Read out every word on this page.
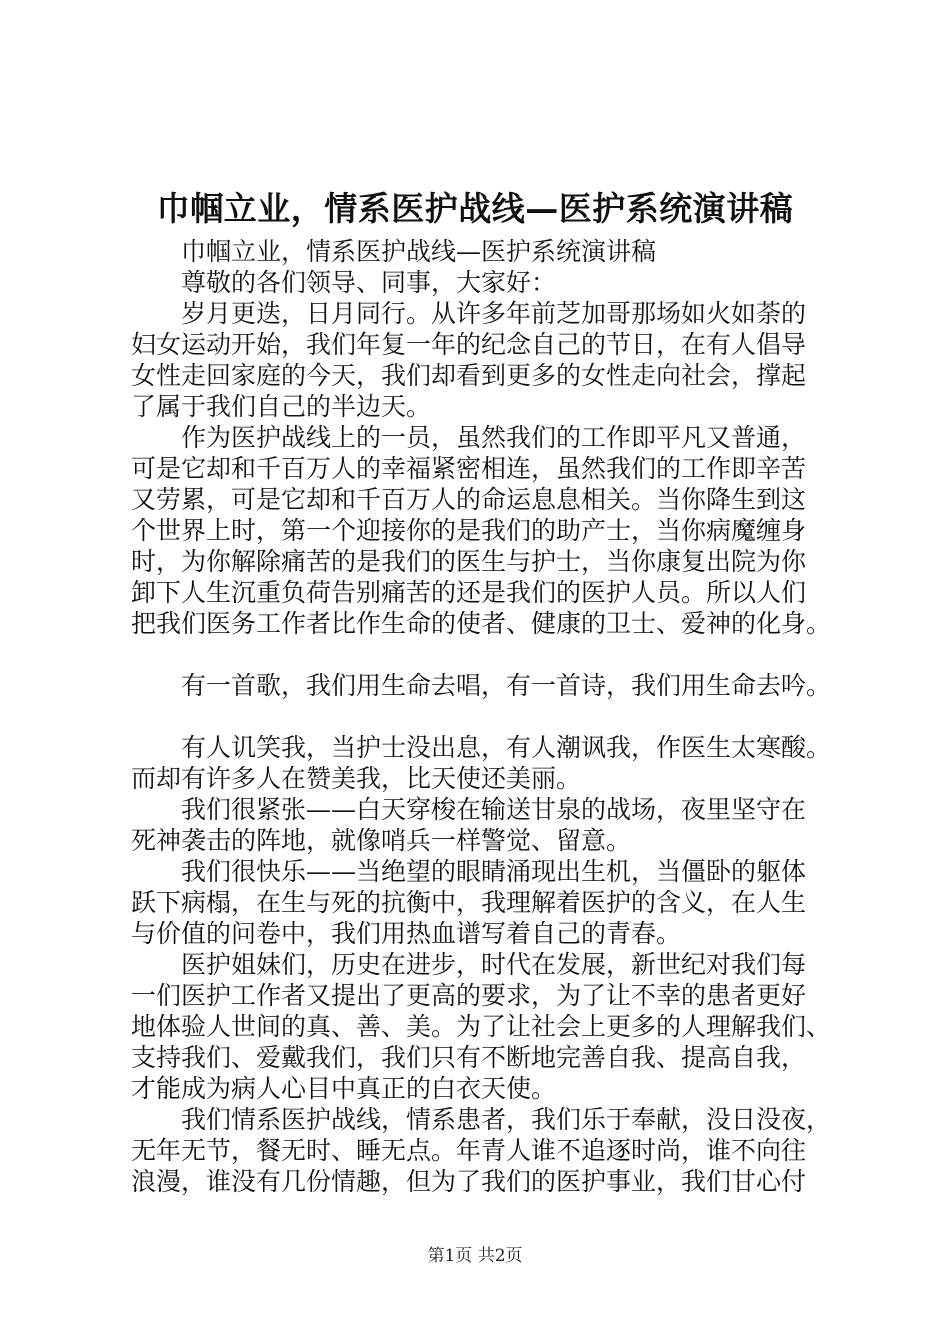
巾帼立业，情系医护战线—医护系统演讲稿
巾帼立业，情系医护战线—医护系统演讲稿
尊敬的各们领导、同事，大家好：
岁月更迭，日月同行。从许多年前芝加哥那场如火如荼的
妇女运动开始，我们年复一年的纪念自己的节日，在有人倡导
女性走回家庭的今天，我们却看到更多的女性走向社会，撑起
了属于我们自己的半边天。
作为医护战线上的一员，虽然我们的工作即平凡又普通，
可是它却和千百万人的幸福紧密相连，虽然我们的工作即辛苦
又劳累，可是它却和千百万人的命运息息相关。当你降生到这
个世界上时，第一个迎接你的是我们的助产士，当你病魔缠身
时，为你解除痛苦的是我们的医生与护士，当你康复出院为你
卸下人生沉重负荷告别痛苦的还是我们的医护人员。所以人们
把我们医务工作者比作生命的使者、健康的卫士、爱神的化身。
有一首歌，我们用生命去唱，有一首诗，我们用生命去吟。
有人讥笑我，当护士没出息，有人潮讽我，作医生太寒酸。
而却有许多人在赞美我，比天使还美丽。
我们很紧张——白天穿梭在输送甘泉的战场，夜里坚守在
死神袭击的阵地，就像哨兵一样警觉、留意。
我们很快乐——当绝望的眼睛涌现出生机，当僵卧的躯体
跃下病榻，在生与死的抗衡中，我理解着医护的含义，在人生
与价值的问卷中，我们用热血谱写着自己的青春。
医护姐妹们，历史在进步，时代在发展，新世纪对我们每
一们医护工作者又提出了更高的要求，为了让不幸的患者更好
地体验人世间的真、善、美。为了让社会上更多的人理解我们、
支持我们、爱戴我们，我们只有不断地完善自我、提高自我，
才能成为病人心目中真正的白衣天使。
我们情系医护战线，情系患者，我们乐于奉献，没日没夜，
无年无节，餐无时、睡无点。年青人谁不追逐时尚，谁不向往
浪漫，谁没有几份情趣，但为了我们的医护事业，我们甘心付
第1页 共2页
